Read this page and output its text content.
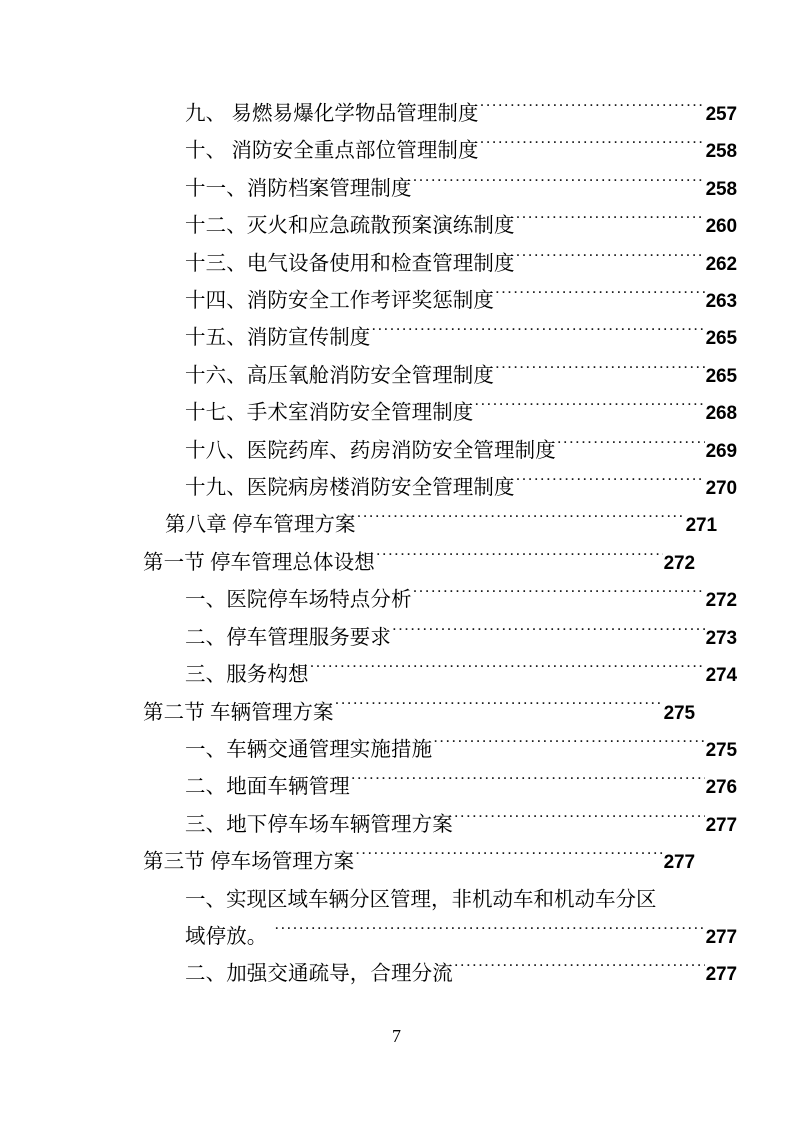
九、 易燃易爆化学物品管理制度 .....	257
十、 消防安全重点部位管理制度 .....	258
十一、消防档案管理制度 .....	258
十二、灭火和应急疏散预案演练制度 .....	260
十三、电气设备使用和检查管理制度 .....	262
十四、消防安全工作考评奖惩制度 .....	263
十五、消防宣传制度 .....	265
十六、高压氧舱消防安全管理制度 .....	265
十七、手术室消防安全管理制度 .....	268
十八、医院药库、药房消防安全管理制度 .....	269
十九、医院病房楼消防安全管理制度 .....	270
第八章 停车管理方案 .....	271
第一节 停车管理总体设想 .....	272
一、医院停车场特点分析 .....	272
二、停车管理服务要求 .....	273
三、服务构想 .....	274
第二节 车辆管理方案 .....	275
一、车辆交通管理实施措施 .....	275
二、地面车辆管理 .....	276
三、地下停车场车辆管理方案 .....	277
第三节 停车场管理方案 .....	277
一、实现区域车辆分区管理，非机动车和机动车分区
域停放。 .....	277
二、加强交通疏导，合理分流 .....	277
7
